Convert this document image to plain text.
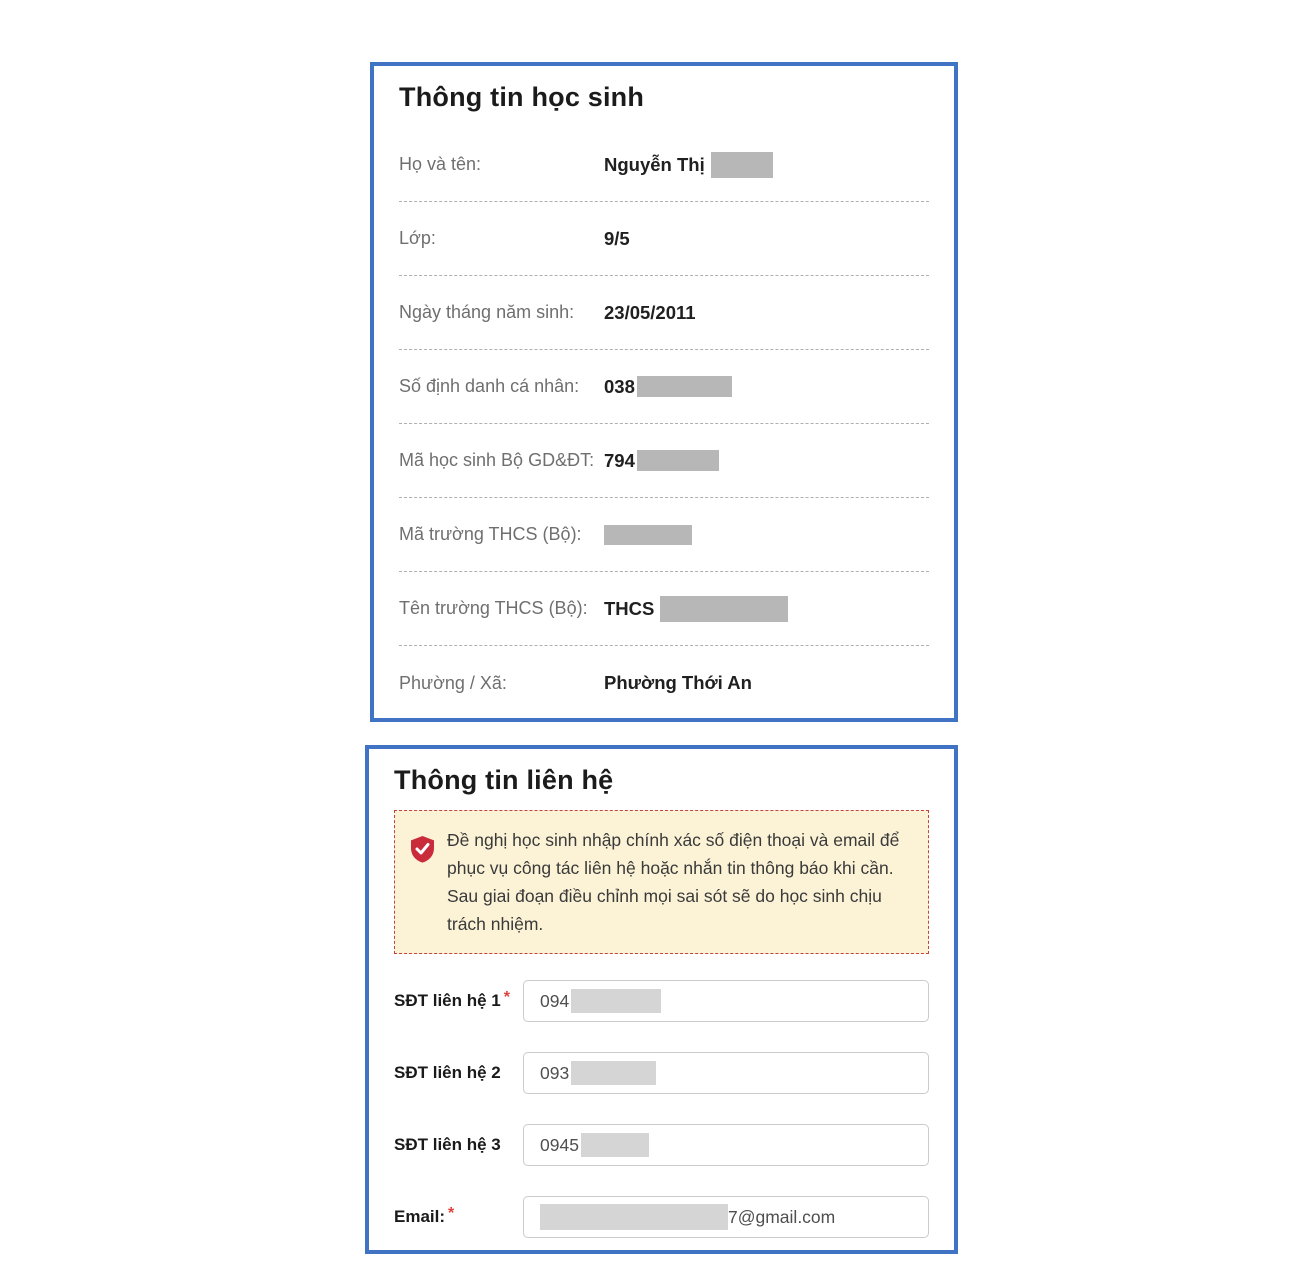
Thông tin học sinh
Họ và tên:	Nguyễn Thị
Lớp:	9/5
Ngày tháng năm sinh:	23/05/2011
Số định danh cá nhân:	038
Mã học sinh Bộ GD&ĐT: 794
Mã trường THCS (Bộ):
Tên trường THCS (Bộ): THCS
Phường / Xã:	Phường Thới An
Thông tin liên hệ

Đề nghị học sinh nhập chính xác số điện thoại và email để phục vụ công tác liên hệ hoặc nhắn tin thông báo khi cần. Sau giai đoạn điều chỉnh mọi sai sót sẽ do học sinh chịu trách nhiệm.

SĐT liên hệ 1 *	094
SĐT liên hệ 2	093
SĐT liên hệ 3	0945
Email: *	7@gmail.com
